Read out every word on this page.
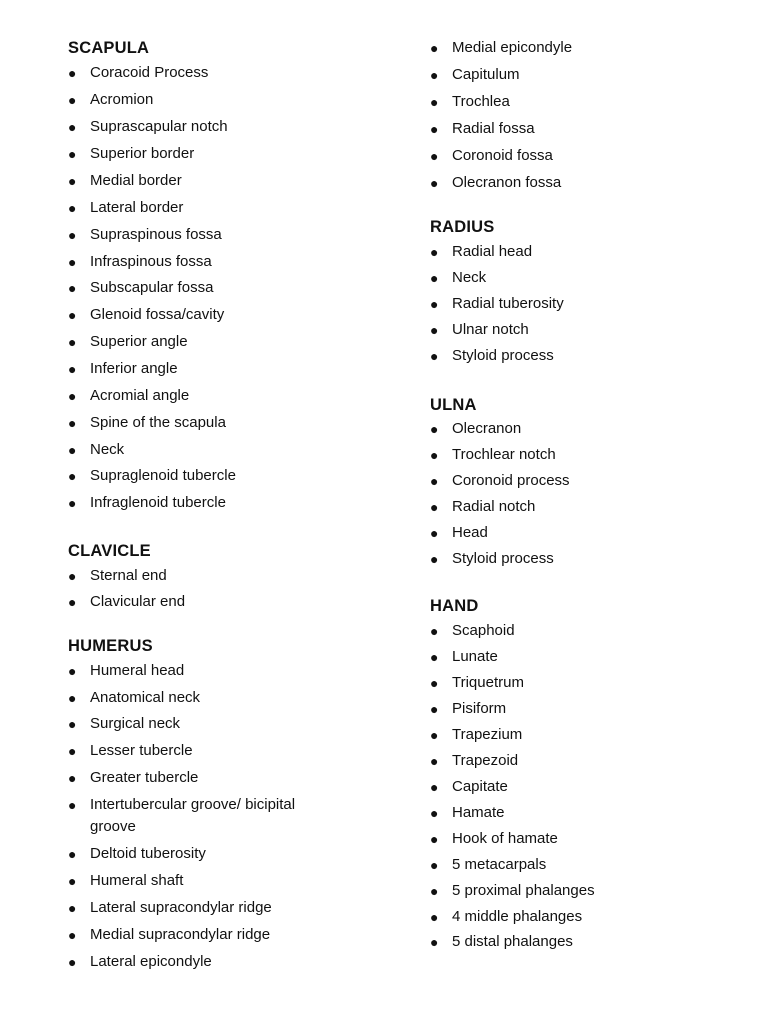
SCAPULA
● Coracoid Process
● Acromion
● Suprascapular notch
● Superior border
● Medial border
● Lateral border
● Supraspinous fossa
● Infraspinous fossa
● Subscapular fossa
● Glenoid fossa/cavity
● Superior angle
● Inferior angle
● Acromial angle
● Spine of the scapula
● Neck
● Supraglenoid tubercle
● Infraglenoid tubercle
CLAVICLE
● Sternal end
● Clavicular end
HUMERUS
● Humeral head
● Anatomical neck
● Surgical neck
● Lesser tubercle
● Greater tubercle
● Intertubercular groove/ bicipital groove
● Deltoid tuberosity
● Humeral shaft
● Lateral supracondylar ridge
● Medial supracondylar ridge
● Lateral epicondyle
● Medial epicondyle
● Capitulum
● Trochlea
● Radial fossa
● Coronoid fossa
● Olecranon fossa
RADIUS
● Radial head
● Neck
● Radial tuberosity
● Ulnar notch
● Styloid process
ULNA
● Olecranon
● Trochlear notch
● Coronoid process
● Radial notch
● Head
● Styloid process
HAND
● Scaphoid
● Lunate
● Triquetrum
● Pisiform
● Trapezium
● Trapezoid
● Capitate
● Hamate
● Hook of hamate
● 5 metacarpals
● 5 proximal phalanges
● 4 middle phalanges
● 5 distal phalanges
